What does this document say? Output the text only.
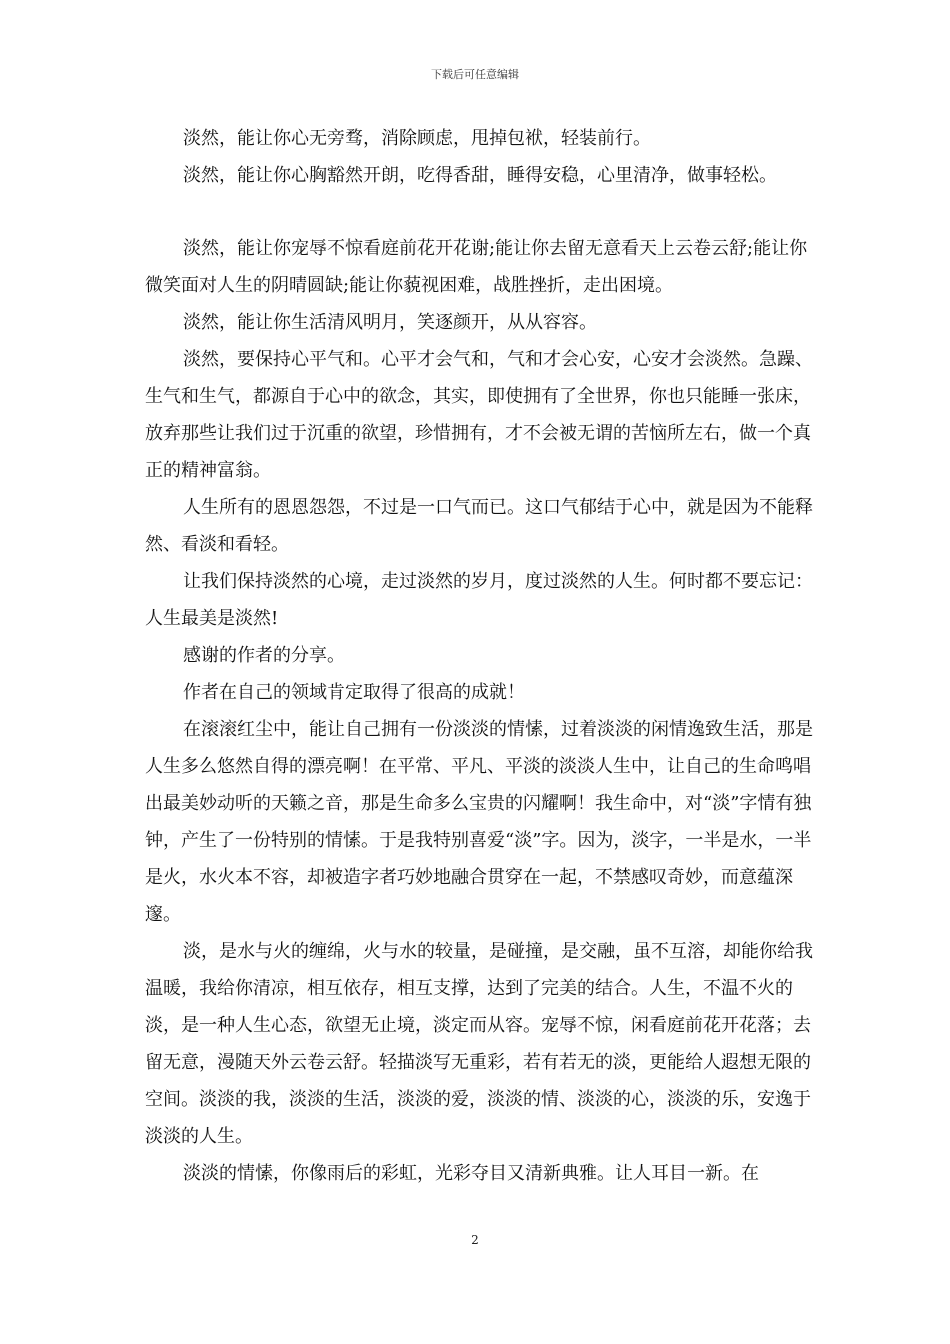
下载后可任意编辑

淡然，能让你心无旁骛，消除顾虑，甩掉包袱，轻装前行。

淡然，能让你心胸豁然开朗，吃得香甜，睡得安稳，心里清净，做事轻松。

淡然，能让你宠辱不惊看庭前花开花谢;能让你去留无意看天上云卷云舒;能让你微笑面对人生的阴晴圆缺;能让你藐视困难，战胜挫折，走出困境。

淡然，能让你生活清风明月，笑逐颜开，从从容容。

淡然，要保持心平气和。心平才会气和，气和才会心安，心安才会淡然。急躁、生气和生气，都源自于心中的欲念，其实，即使拥有了全世界，你也只能睡一张床，放弃那些让我们过于沉重的欲望，珍惜拥有，才不会被无谓的苦恼所左右，做一个真正的精神富翁。

人生所有的恩恩怨怨，不过是一口气而已。这口气郁结于心中，就是因为不能释然、看淡和看轻。

让我们保持淡然的心境，走过淡然的岁月，度过淡然的人生。何时都不要忘记：人生最美是淡然!

感谢的作者的分享。

作者在自己的领域肯定取得了很高的成就！

在滚滚红尘中，能让自己拥有一份淡淡的情愫，过着淡淡的闲情逸致生活，那是人生多么悠然自得的漂亮啊！在平常、平凡、平淡的淡淡人生中，让自己的生命鸣唱出最美妙动听的天籁之音，那是生命多么宝贵的闪耀啊！我生命中，对“淡”字情有独钟，产生了一份特别的情愫。于是我特别喜爱“淡”字。因为，淡字，一半是水，一半是火，水火本不容，却被造字者巧妙地融合贯穿在一起，不禁感叹奇妙，而意蕴深邃。

淡，是水与火的缠绵，火与水的较量，是碰撞，是交融，虽不互溶，却能你给我温暖，我给你清凉，相互依存，相互支撑，达到了完美的结合。人生，不温不火的淡，是一种人生心态，欲望无止境，淡定而从容。宠辱不惊，闲看庭前花开花落；去留无意，漫随天外云卷云舒。轻描淡写无重彩，若有若无的淡，更能给人遐想无限的空间。淡淡的我，淡淡的生活，淡淡的爱，淡淡的情、淡淡的心，淡淡的乐，安逸于淡淡的人生。

淡淡的情愫，你像雨后的彩虹，光彩夺目又清新典雅。让人耳目一新。在

2
